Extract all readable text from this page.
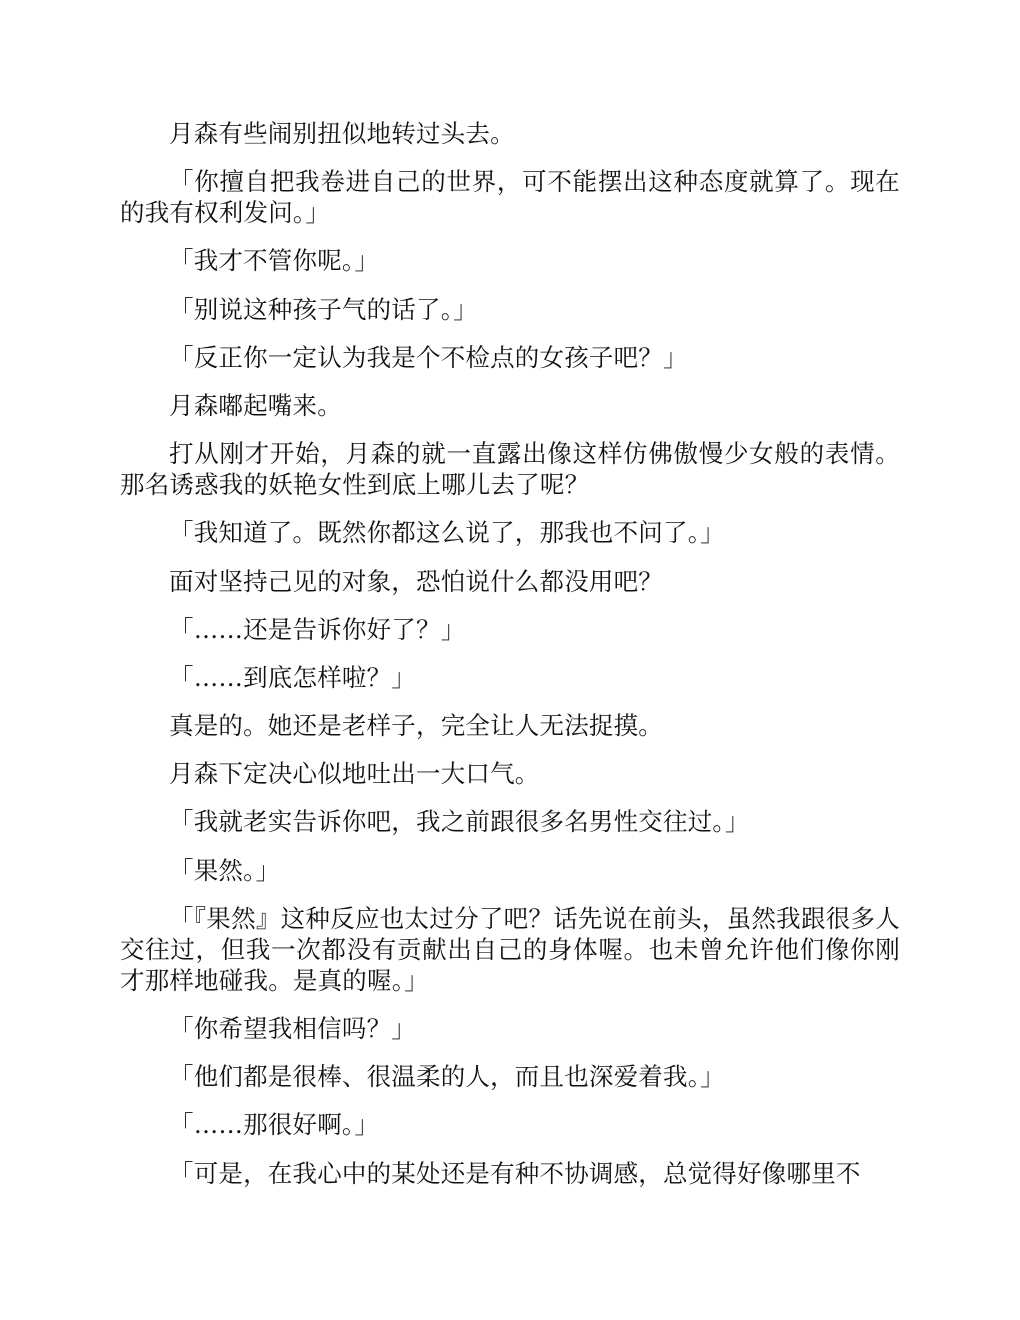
月森有些闹别扭似地转过头去。

「你擅自把我卷进自己的世界，可不能摆出这种态度就算了。现在的我有权利发问。」

「我才不管你呢。」

「别说这种孩子气的话了。」

「反正你一定认为我是个不检点的女孩子吧？」

月森嘟起嘴来。

打从刚才开始，月森的就一直露出像这样仿佛傲慢少女般的表情。那名诱惑我的妖艳女性到底上哪儿去了呢？

「我知道了。既然你都这么说了，那我也不问了。」

面对坚持己见的对象，恐怕说什么都没用吧？

「……还是告诉你好了？」

「……到底怎样啦？」

真是的。她还是老样子，完全让人无法捉摸。

月森下定决心似地吐出一大口气。

「我就老实告诉你吧，我之前跟很多名男性交往过。」

「果然。」

「『果然』这种反应也太过分了吧？话先说在前头，虽然我跟很多人交往过，但我一次都没有贡献出自己的身体喔。也未曾允许他们像你刚才那样地碰我。是真的喔。」

「你希望我相信吗？」

「他们都是很棒、很温柔的人，而且也深爱着我。」

「……那很好啊。」

「可是，在我心中的某处还是有种不协调感，总觉得好像哪里不
